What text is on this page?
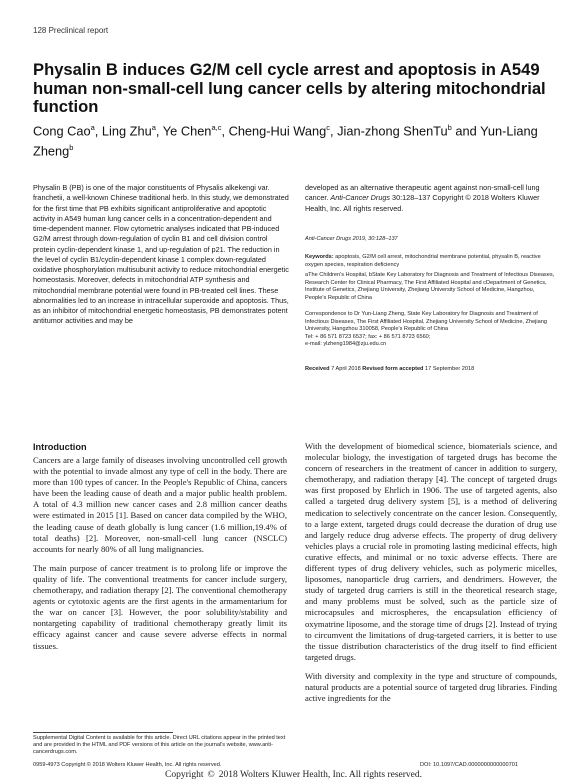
128 Preclinical report
Physalin B induces G2/M cell cycle arrest and apoptosis in A549 human non-small-cell lung cancer cells by altering mitochondrial function
Cong Cao$^a$, Ling Zhu$^a$, Ye Chen$^{a,c}$, Cheng-Hui Wang$^c$, Jian-zhong ShenTu$^b$ and Yun-Liang Zheng$^b$

Physalin B (PB) is one of the major constituents of Physalis alkekengi var. franchetii, a well-known Chinese traditional herb. In this study, we demonstrated for the first time that PB exhibits significant antiproliferative and apoptotic activity in A549 human lung cancer cells in a concentration-dependent and time-dependent manner. Flow cytometric analyses indicated that PB-induced G2/M arrest through down-regulation of cyclin B1 and cell division control protein cyclin-dependent kinase 1, and up-regulation of p21. The reduction in the level of cyclin B1/cyclin-dependent kinase 1 complex down-regulated oxidative phosphorylation multisubunit activity to reduce mitochondrial energetic homeostasis. Moreover, defects in mitochondrial ATP synthesis and mitochondrial membrane potential were found in PB-treated cell lines. These abnormalities led to an increase in intracellular superoxide and apoptosis. Thus, as an inhibitor of mitochondrial energetic homeostasis, PB demonstrates potent antitumor activities and may be

developed as an alternative therapeutic agent against non-small-cell lung cancer. Anti-Cancer Drugs 30:128–137 Copyright © 2018 Wolters Kluwer Health, Inc. All rights reserved.

Anti-Cancer Drugs 2019, 30:128–137

Keywords: apoptosis, G2/M cell arrest, mitochondrial membrane potential, physalin B, reactive oxygen species, respiration deficiency

aThe Children's Hospital, bState Key Laboratory for Diagnosis and Treatment of Infectious Diseases, Research Center for Clinical Pharmacy, The First Affiliated Hospital and cDepartment of Genetics, Institute of Genetics, Zhejiang University, Zhejiang University School of Medicine, Hangzhou, People's Republic of China

Correspondence to Dr Yun-Liang Zheng, State Key Laboratory for Diagnosis and Treatment of Infectious Diseases, The First Affiliated Hospital, Zhejiang University School of Medicine, Zhejiang University, Hangzhou 310058, People's Republic of China

Tel: + 86 571 8723 6537; fax: + 86 571 8723 6560;

e-mail: ylzheng1984@zju.edu.cn

Received 7 April 2018 Revised form accepted 17 September 2018

Introduction

Cancers are a large family of diseases involving uncontrolled cell growth with the potential to invade almost any type of cell in the body. There are more than 100 types of cancer. In the People's Republic of China, cancers have been the leading cause of death and a major public health problem. A total of 4.3 million new cancer cases and 2.8 million cancer deaths were estimated in 2015 [1]. Based on cancer data compiled by the WHO, the leading cause of death globally is lung cancer (1.6 million,19.4% of total deaths) [2]. Moreover, non-small-cell lung cancer (NSCLC) accounts for nearly 80% of all lung malignancies.

The main purpose of cancer treatment is to prolong life or improve the quality of life. The conventional treatments for cancer include surgery, chemotherapy, and radiation therapy [2]. The conventional chemotherapy agents or cytotoxic agents are the first agents in the armamentarium for the war on cancer [3]. However, the poor solubility/stability and nontargeting capability of traditional chemotherapy greatly limit its efficacy against cancer and cause severe adverse effects in normal tissues.

With the development of biomedical science, biomaterials science, and molecular biology, the investigation of targeted drugs has become the concern of researchers in the treatment of cancer in addition to surgery, chemotherapy, and radiation therapy [4]. The concept of targeted drugs was first proposed by Ehrlich in 1906. The use of targeted agents, also called a targeted drug delivery system [5], is a method of delivering medication to selectively concentrate on the cancer lesion. Consequently, to a large extent, targeted drugs could decrease the duration of drug use and largely reduce drug adverse effects. The property of drug delivery vehicles plays a crucial role in promoting lasting medicinal effects, high curative effects, and minimal or no toxic adverse effects. There are different types of drug delivery vehicles, such as polymeric micelles, liposomes, nanoparticle drug carriers, and dendrimers. However, the study of targeted drug carriers is still in the theoretical research stage, and many problems must be solved, such as the particle size of microcapsules and microspheres, the encapsulation efficiency of oxymatrine liposome, and the storage time of drugs [2]. Instead of trying to circumvent the limitations of drug-targeted carriers, it is better to use the tissue distribution characteristics of the drug itself to find efficient targeted drugs.

With diversity and complexity in the type and structure of compounds, natural products are a potential source of targeted drug libraries. Finding active ingredients for the

Supplemental Digital Content is available for this article. Direct URL citations appear in the printed text and are provided in the HTML and PDF versions of this article on the journal's website, www.anti-cancerdrugs.com.
0959-4973 Copyright © 2018 Wolters Kluwer Health, Inc. All rights reserved.	DOI: 10.1097/CAD.0000000000000701
Copyright © 2018 Wolters Kluwer Health, Inc. All rights reserved.
